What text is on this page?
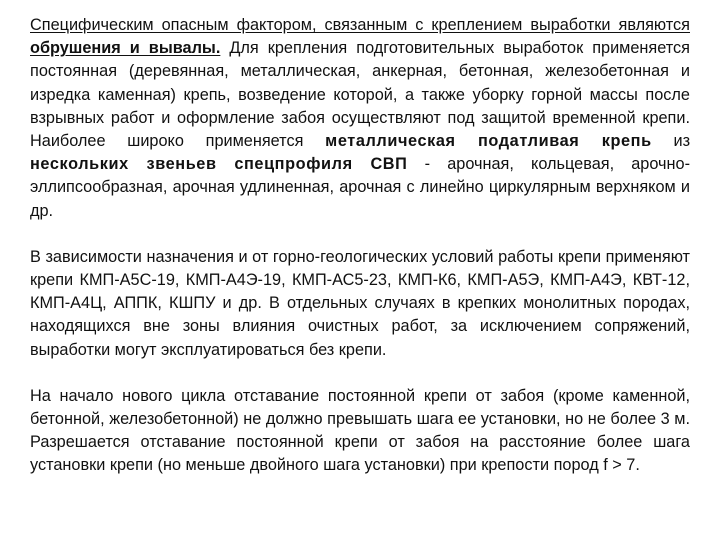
Специфическим опасным фактором, связанным с креплением выработки являются обрушения и вывалы. Для крепления подготовительных выработок применяется постоянная (деревянная, металлическая, анкерная, бетонная, железобетонная и изредка каменная) крепь, возведение которой, а также уборку горной массы после взрывных работ и оформление забоя осуществляют под защитой временной крепи. Наиболее широко применяется металлическая податливая крепь из нескольких звеньев спецпрофиля СВП - арочная, кольцевая, арочно-эллипсообразная, арочная удлиненная, арочная с линейно циркулярным верхняком и др.

В зависимости назначения и от горно-геологических условий работы крепи применяют крепи КМП-А5С-19, КМП-А4Э-19, КМП-АС5-23, КМП-К6, КМП-А5Э, КМП-А4Э, КВТ-12, КМП-А4Ц, АППК, КШПУ и др. В отдельных случаях в крепких монолитных породах, находящихся вне зоны влияния очистных работ, за исключением сопряжений, выработки могут эксплуатироваться без крепи.

На начало нового цикла отставание постоянной крепи от забоя (кроме каменной, бетонной, железобетонной) не должно превышать шага ее установки, но не более 3 м. Разрешается отставание постоянной крепи от забоя на расстояние более шага установки крепи (но меньше двойного шага установки) при крепости пород f > 7.
